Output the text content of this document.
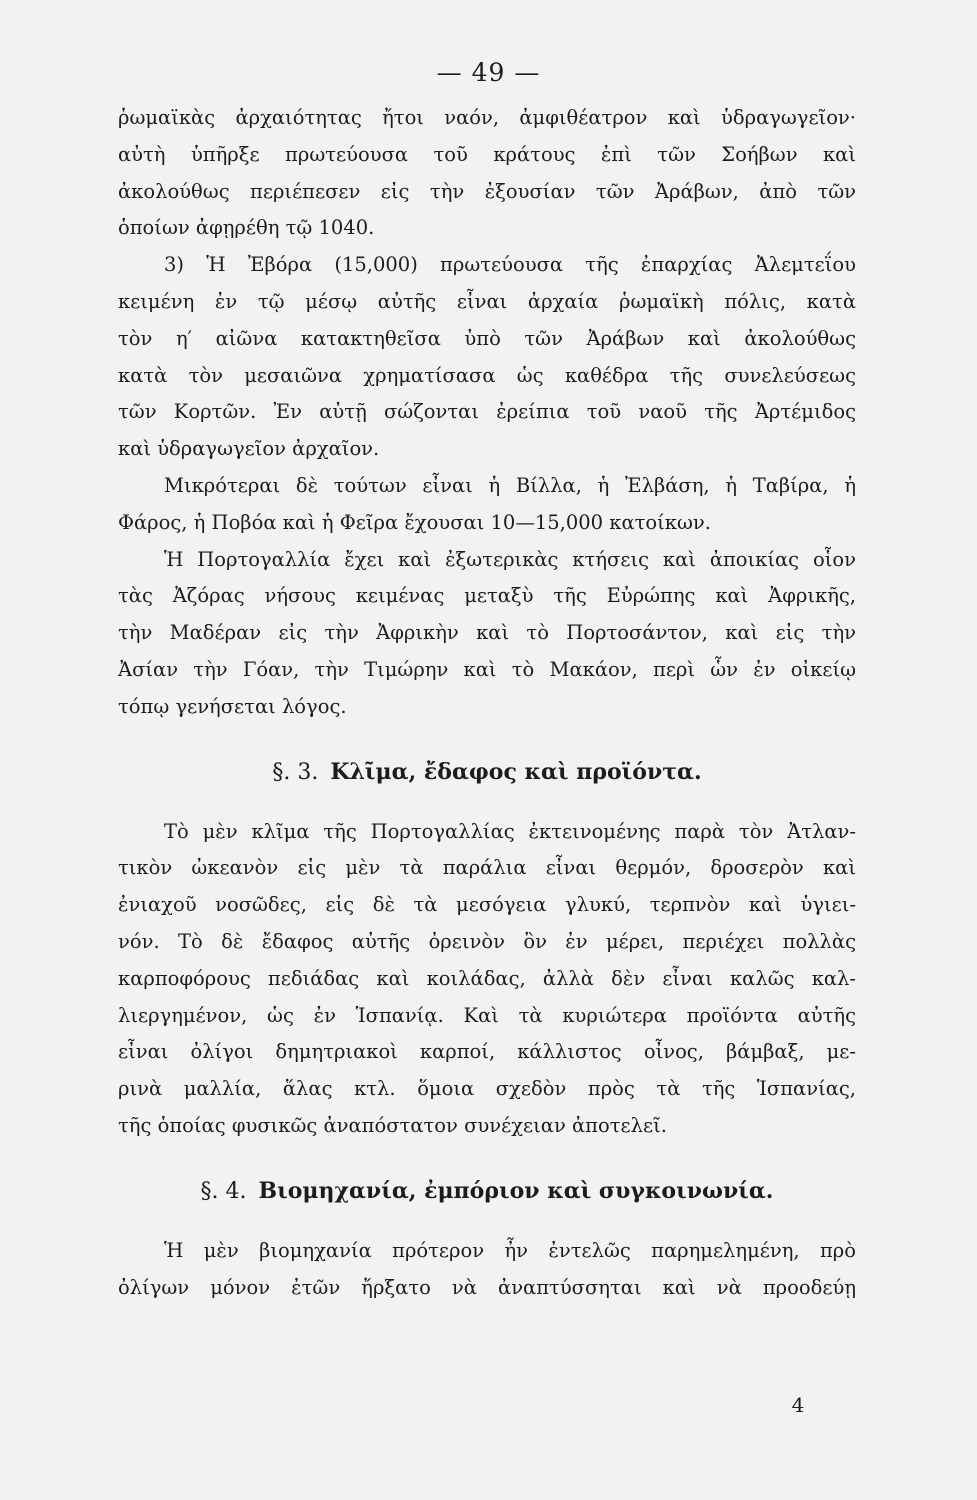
— 49 —
ῥωμαϊκὰς ἀρχαιότητας ἤτοι ναόν, ἀμφιθέατρον καὶ ὑδραγωγεῖον·
αὐτὴ ὑπῆρξε πρωτεύουσα τοῦ κράτους ἐπὶ τῶν Σοήβων καὶ
ἀκολούθως περιέπεσεν εἰς τὴν ἐξουσίαν τῶν Ἀράβων, ἀπὸ τῶν
ὁποίων ἀφῃρέθη τῷ 1040.
3) Ἡ Ἐβόρα (15,000) πρωτεύουσα τῆς ἐπαρχίας Ἀλεμτεΐου
κειμένη ἐν τῷ μέσῳ αὐτῆς εἶναι ἀρχαία ῥωμαϊκὴ πόλις, κατὰ
τὸν η′ αἰῶνα κατακτηθεῖσα ὑπὸ τῶν Ἀράβων καὶ ἀκολούθως
κατὰ τὸν μεσαιῶνα χρηματίσασα ὡς καθέδρα τῆς συνελεύσεως
τῶν Κορτῶν. Ἐν αὐτῇ σώζονται ἐρείπια τοῦ ναοῦ τῆς Ἀρτέμιδος
καὶ ὑδραγωγεῖον ἀρχαῖον.
Μικρότεραι δὲ τούτων εἶναι ἡ Βίλλα, ἡ Ἐλβάση, ἡ Ταβίρα, ἡ
Φάρος, ἡ Ποβόα καὶ ἡ Φεῖρα ἔχουσαι 10—15,000 κατοίκων.
Ἡ Πορτογαλλία ἔχει καὶ ἐξωτερικὰς κτήσεις καὶ ἀποικίας οἷον
τὰς Ἀζόρας νήσους κειμένας μεταξὺ τῆς Εὐρώπης καὶ Ἀφρικῆς,
τὴν Μαδέραν εἰς τὴν Ἀφρικὴν καὶ τὸ Πορτοσάντον, καὶ εἰς τὴν
Ἀσίαν τὴν Γόαν, τὴν Τιμώρην καὶ τὸ Μακάον, περὶ ὧν ἐν οἰκείῳ
τόπῳ γενήσεται λόγος.
§. 3. Κλῖμα, ἔδαφος καὶ προϊόντα.
Τὸ μὲν κλῖμα τῆς Πορτογαλλίας ἐκτεινομένης παρὰ τὸν Ἀτλαν-
τικὸν ὠκεανὸν εἰς μὲν τὰ παράλια εἶναι θερμόν, δροσερὸν καὶ
ἐνιαχοῦ νοσῶδες, εἰς δὲ τὰ μεσόγεια γλυκύ, τερπνὸν καὶ ὑγιει-
νόν. Τὸ δὲ ἔδαφος αὐτῆς ὀρεινὸν ὂν ἐν μέρει, περιέχει πολλὰς
καρποφόρους πεδιάδας καὶ κοιλάδας, ἀλλὰ δὲν εἶναι καλῶς καλ-
λιεργημένον, ὡς ἐν Ἱσπανίᾳ. Καὶ τὰ κυριώτερα προϊόντα αὐτῆς
εἶναι ὀλίγοι δημητριακοὶ καρποί, κάλλιστος οἶνος, βάμβαξ, με-
ρινὰ μαλλία, ἅλας κτλ. ὅμοια σχεδὸν πρὸς τὰ τῆς Ἱσπανίας,
τῆς ὁποίας φυσικῶς ἀναπόστατον συνέχειαν ἀποτελεῖ.
§. 4. Βιομηχανία, ἐμπόριον καὶ συγκοινωνία.
Ἡ μὲν βιομηχανία πρότερον ἦν ἐντελῶς παρημελημένη, πρὸ
ὀλίγων μόνον ἐτῶν ἤρξατο νὰ ἀναπτύσσηται καὶ νὰ προοδεύῃ
4
